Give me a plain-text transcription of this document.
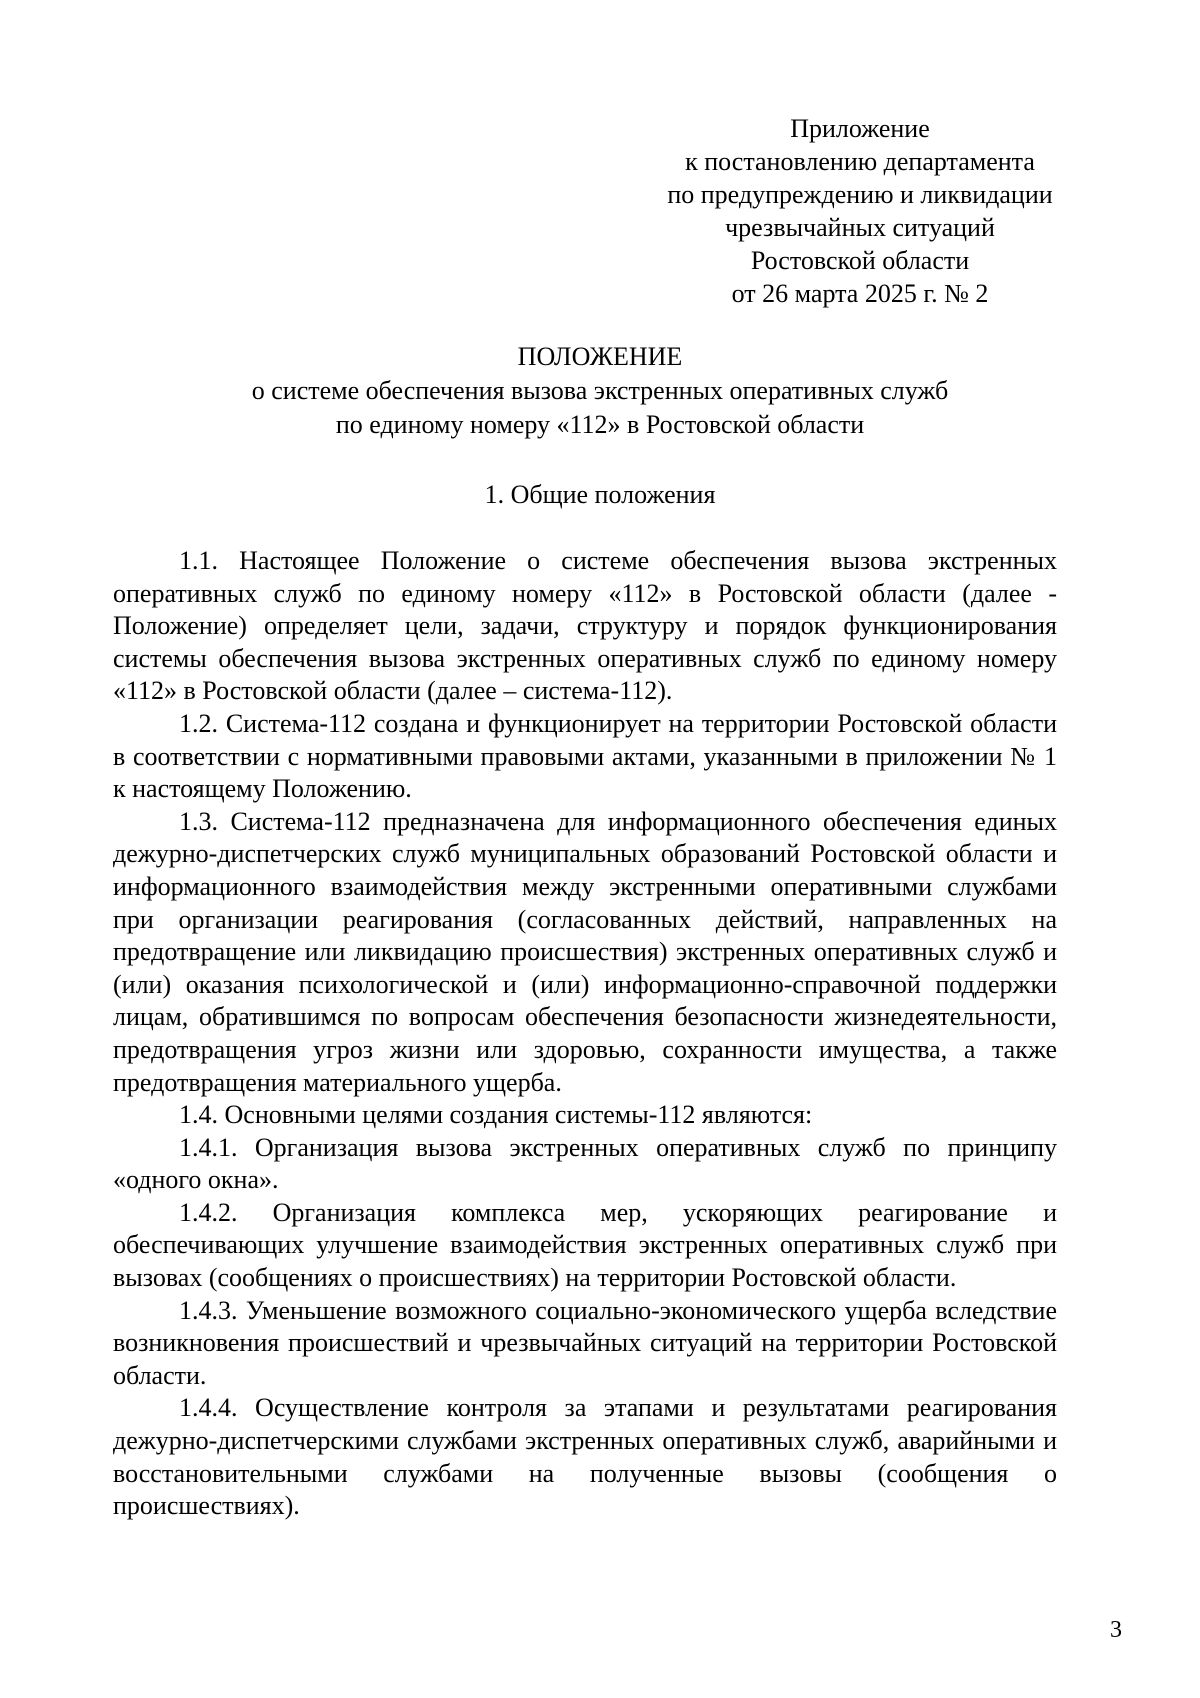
Приложение
к постановлению департамента
по предупреждению и ликвидации
чрезвычайных ситуаций
Ростовской области
от 26 марта 2025 г. № 2
ПОЛОЖЕНИЕ
о системе обеспечения вызова экстренных оперативных служб
по единому номеру «112» в Ростовской области
1. Общие положения

1.1. Настоящее Положение о системе обеспечения вызова экстренных оперативных служб по единому номеру «112» в Ростовской области (далее - Положение) определяет цели, задачи, структуру и порядок функционирования системы обеспечения вызова экстренных оперативных служб по единому номеру «112» в Ростовской области (далее – система-112).

1.2. Система-112 создана и функционирует на территории Ростовской области в соответствии с нормативными правовыми актами, указанными в приложении № 1 к настоящему Положению.

1.3. Система-112 предназначена для информационного обеспечения единых дежурно-диспетчерских служб муниципальных образований Ростовской области и информационного взаимодействия между экстренными оперативными службами при организации реагирования (согласованных действий, направленных на предотвращение или ликвидацию происшествия) экстренных оперативных служб и (или) оказания психологической и (или) информационно-справочной поддержки лицам, обратившимся по вопросам обеспечения безопасности жизнедеятельности, предотвращения угроз жизни или здоровью, сохранности имущества, а также предотвращения материального ущерба.

1.4. Основными целями создания системы-112 являются:

1.4.1. Организация вызова экстренных оперативных служб по принципу «одного окна».

1.4.2. Организация комплекса мер, ускоряющих реагирование и обеспечивающих улучшение взаимодействия экстренных оперативных служб при вызовах (сообщениях о происшествиях) на территории Ростовской области.

1.4.3. Уменьшение возможного социально-экономического ущерба вследствие возникновения происшествий и чрезвычайных ситуаций на территории Ростовской области.

1.4.4. Осуществление контроля за этапами и результатами реагирования дежурно-диспетчерскими службами экстренных оперативных служб, аварийными и восстановительными службами на полученные вызовы (сообщения о происшествиях).

3
